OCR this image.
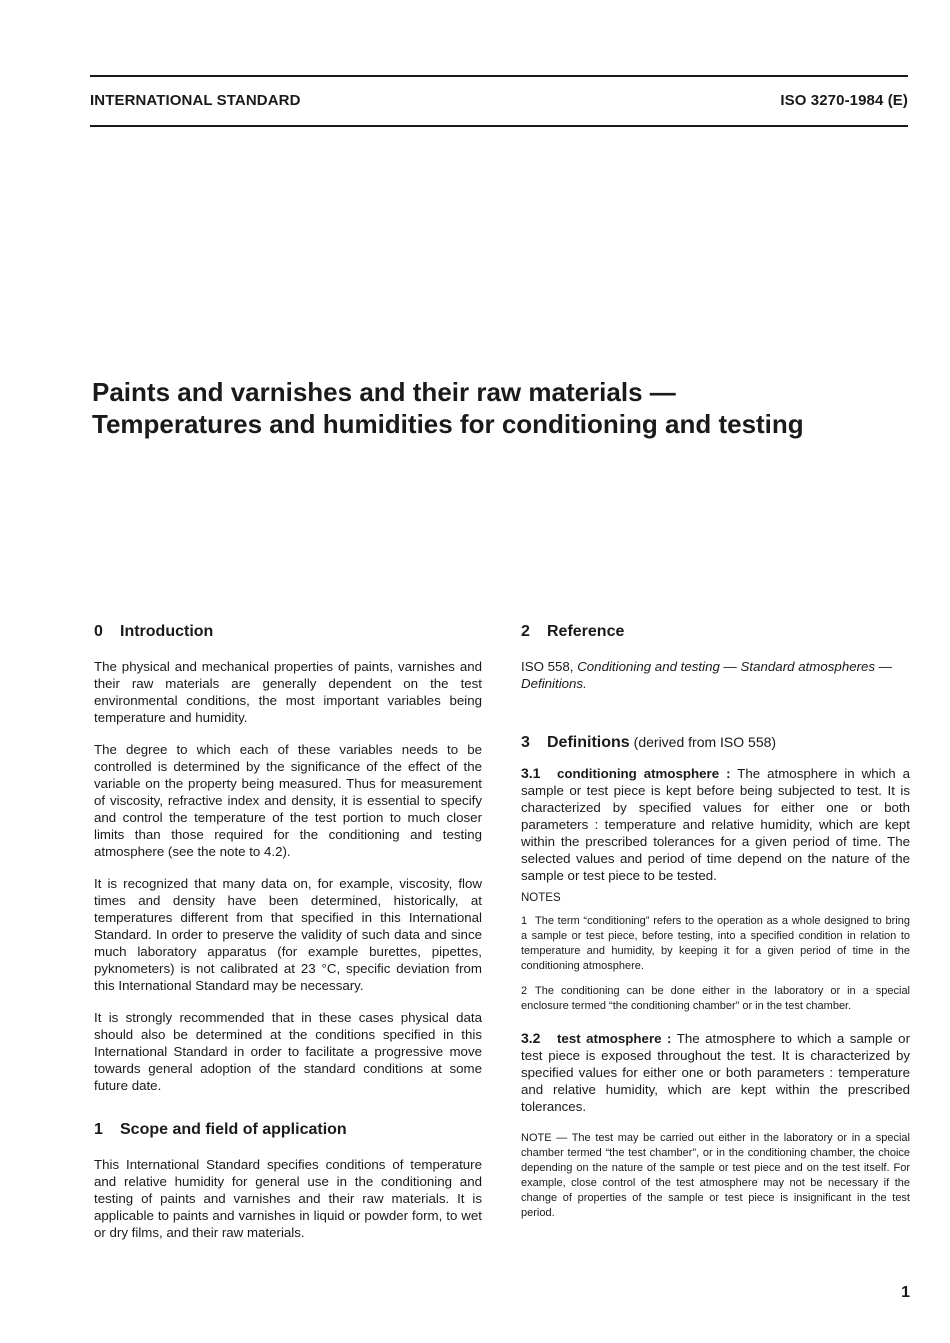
INTERNATIONAL STANDARD	ISO 3270-1984 (E)
Paints and varnishes and their raw materials —
Temperatures and humidities for conditioning and testing
0	Introduction

The physical and mechanical properties of paints, varnishes and their raw materials are generally dependent on the test environmental conditions, the most important variables being temperature and humidity.

The degree to which each of these variables needs to be controlled is determined by the significance of the effect of the variable on the property being measured. Thus for measurement of viscosity, refractive index and density, it is essential to specify and control the temperature of the test portion to much closer limits than those required for the conditioning and testing atmosphere (see the note to 4.2).

It is recognized that many data on, for example, viscosity, flow times and density have been determined, historically, at temperatures different from that specified in this International Standard. In order to preserve the validity of such data and since much laboratory apparatus (for example burettes, pipettes, pyknometers) is not calibrated at 23 °C, specific deviation from this International Standard may be necessary.

It is strongly recommended that in these cases physical data should also be determined at the conditions specified in this International Standard in order to facilitate a progressive move towards general adoption of the standard conditions at some future date.

1	Scope and field of application

This International Standard specifies conditions of temperature and relative humidity for general use in the conditioning and testing of paints and varnishes and their raw materials. It is applicable to paints and varnishes in liquid or powder form, to wet or dry films, and their raw materials.

2	Reference

ISO 558, Conditioning and testing — Standard atmospheres — Definitions.

3	Definitions (derived from ISO 558)

3.1 conditioning atmosphere : The atmosphere in which a sample or test piece is kept before being subjected to test. It is characterized by specified values for either one or both parameters : temperature and relative humidity, which are kept within the prescribed tolerances for a given period of time. The selected values and period of time depend on the nature of the sample or test piece to be tested.

NOTES

1 The term “conditioning” refers to the operation as a whole designed to bring a sample or test piece, before testing, into a specified condition in relation to temperature and humidity, by keeping it for a given period of time in the conditioning atmosphere.

2 The conditioning can be done either in the laboratory or in a special enclosure termed “the conditioning chamber” or in the test chamber.

3.2 test atmosphere : The atmosphere to which a sample or test piece is exposed throughout the test. It is characterized by specified values for either one or both parameters : temperature and relative humidity, which are kept within the prescribed tolerances.

NOTE — The test may be carried out either in the laboratory or in a special chamber termed “the test chamber”, or in the conditioning chamber, the choice depending on the nature of the sample or test piece and on the test itself. For example, close control of the test atmosphere may not be necessary if the change of properties of the sample or test piece is insignificant in the test period.

1
